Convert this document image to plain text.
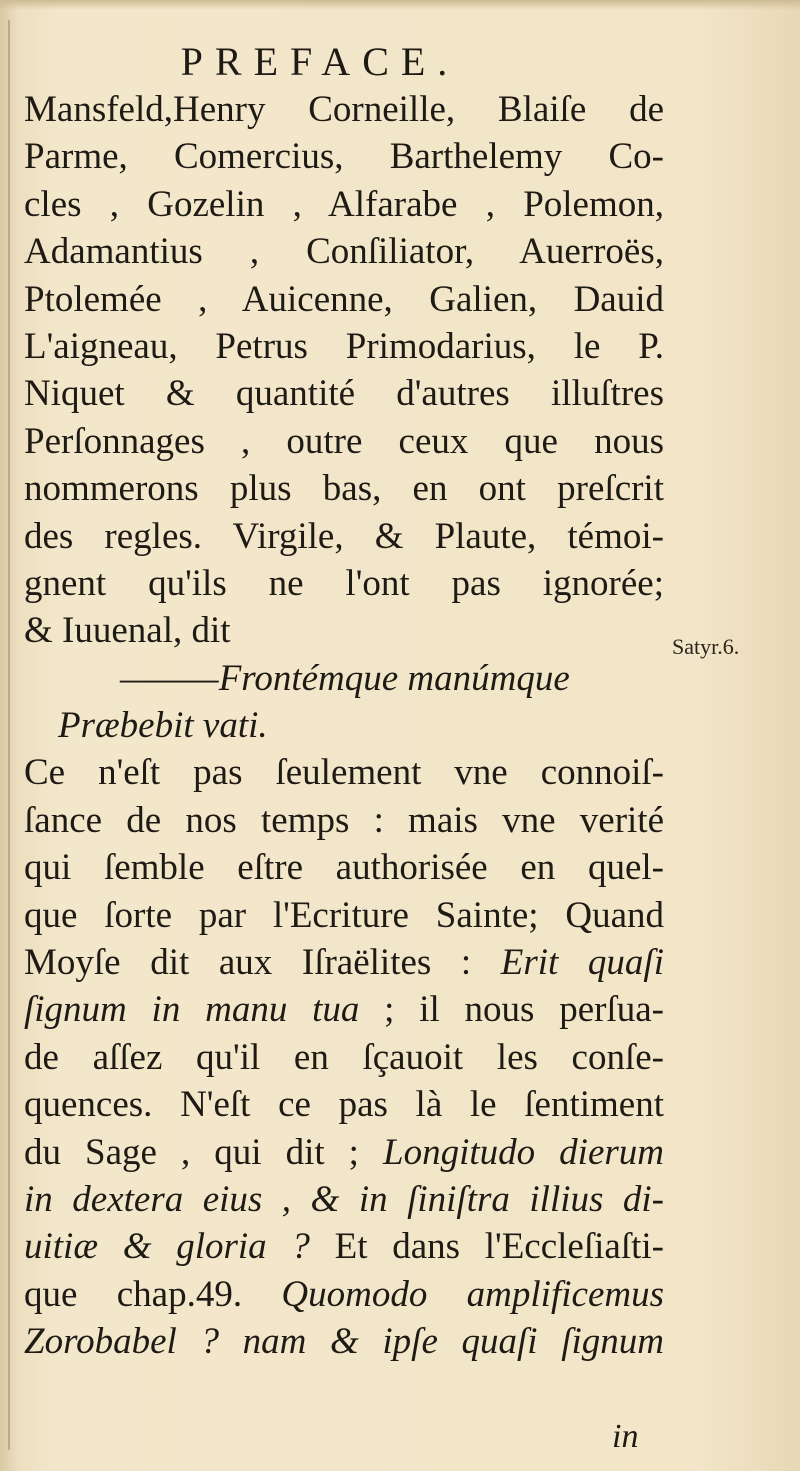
PREFACE.
Satyr.6.
Mansfeld,Henry Corneille, Blaiſe de
Parme, Comercius, Barthelemy Co-
cles , Gozelin , Alfarabe , Polemon,
Adamantius , Conſiliator, Auerroës,
Ptolemée , Auicenne, Galien, Dauid
L'aigneau, Petrus Primodarius, le P.
Niquet & quantité d'autres illuſtres
Perſonnages , outre ceux que nous
nommerons plus bas, en ont preſcrit
des regles. Virgile, & Plaute, témoi-
gnent qu'ils ne l'ont pas ignorée;
& Iuuenal, dit
———Frontémque manúmque
Præbebit vati.
Ce n'eſt pas ſeulement vne connoiſ-
ſance de nos temps : mais vne verité
qui ſemble eſtre authorisée en quel-
que ſorte par l'Ecriture Sainte; Quand
Moyſe dit aux Iſraëlites : Erit quaſi
ſignum in manu tua ; il nous perſua-
de aſſez qu'il en ſçauoit les conſe-
quences. N'eſt ce pas là le ſentiment
du Sage , qui dit ; Longitudo dierum
in dextera eius , & in ſiniſtra illius di-
uitiæ & gloria ? Et dans l'Eccleſiaſti-
que chap.49. Quomodo amplificemus
Zorobabel ? nam & ipſe quaſi ſignum
in
